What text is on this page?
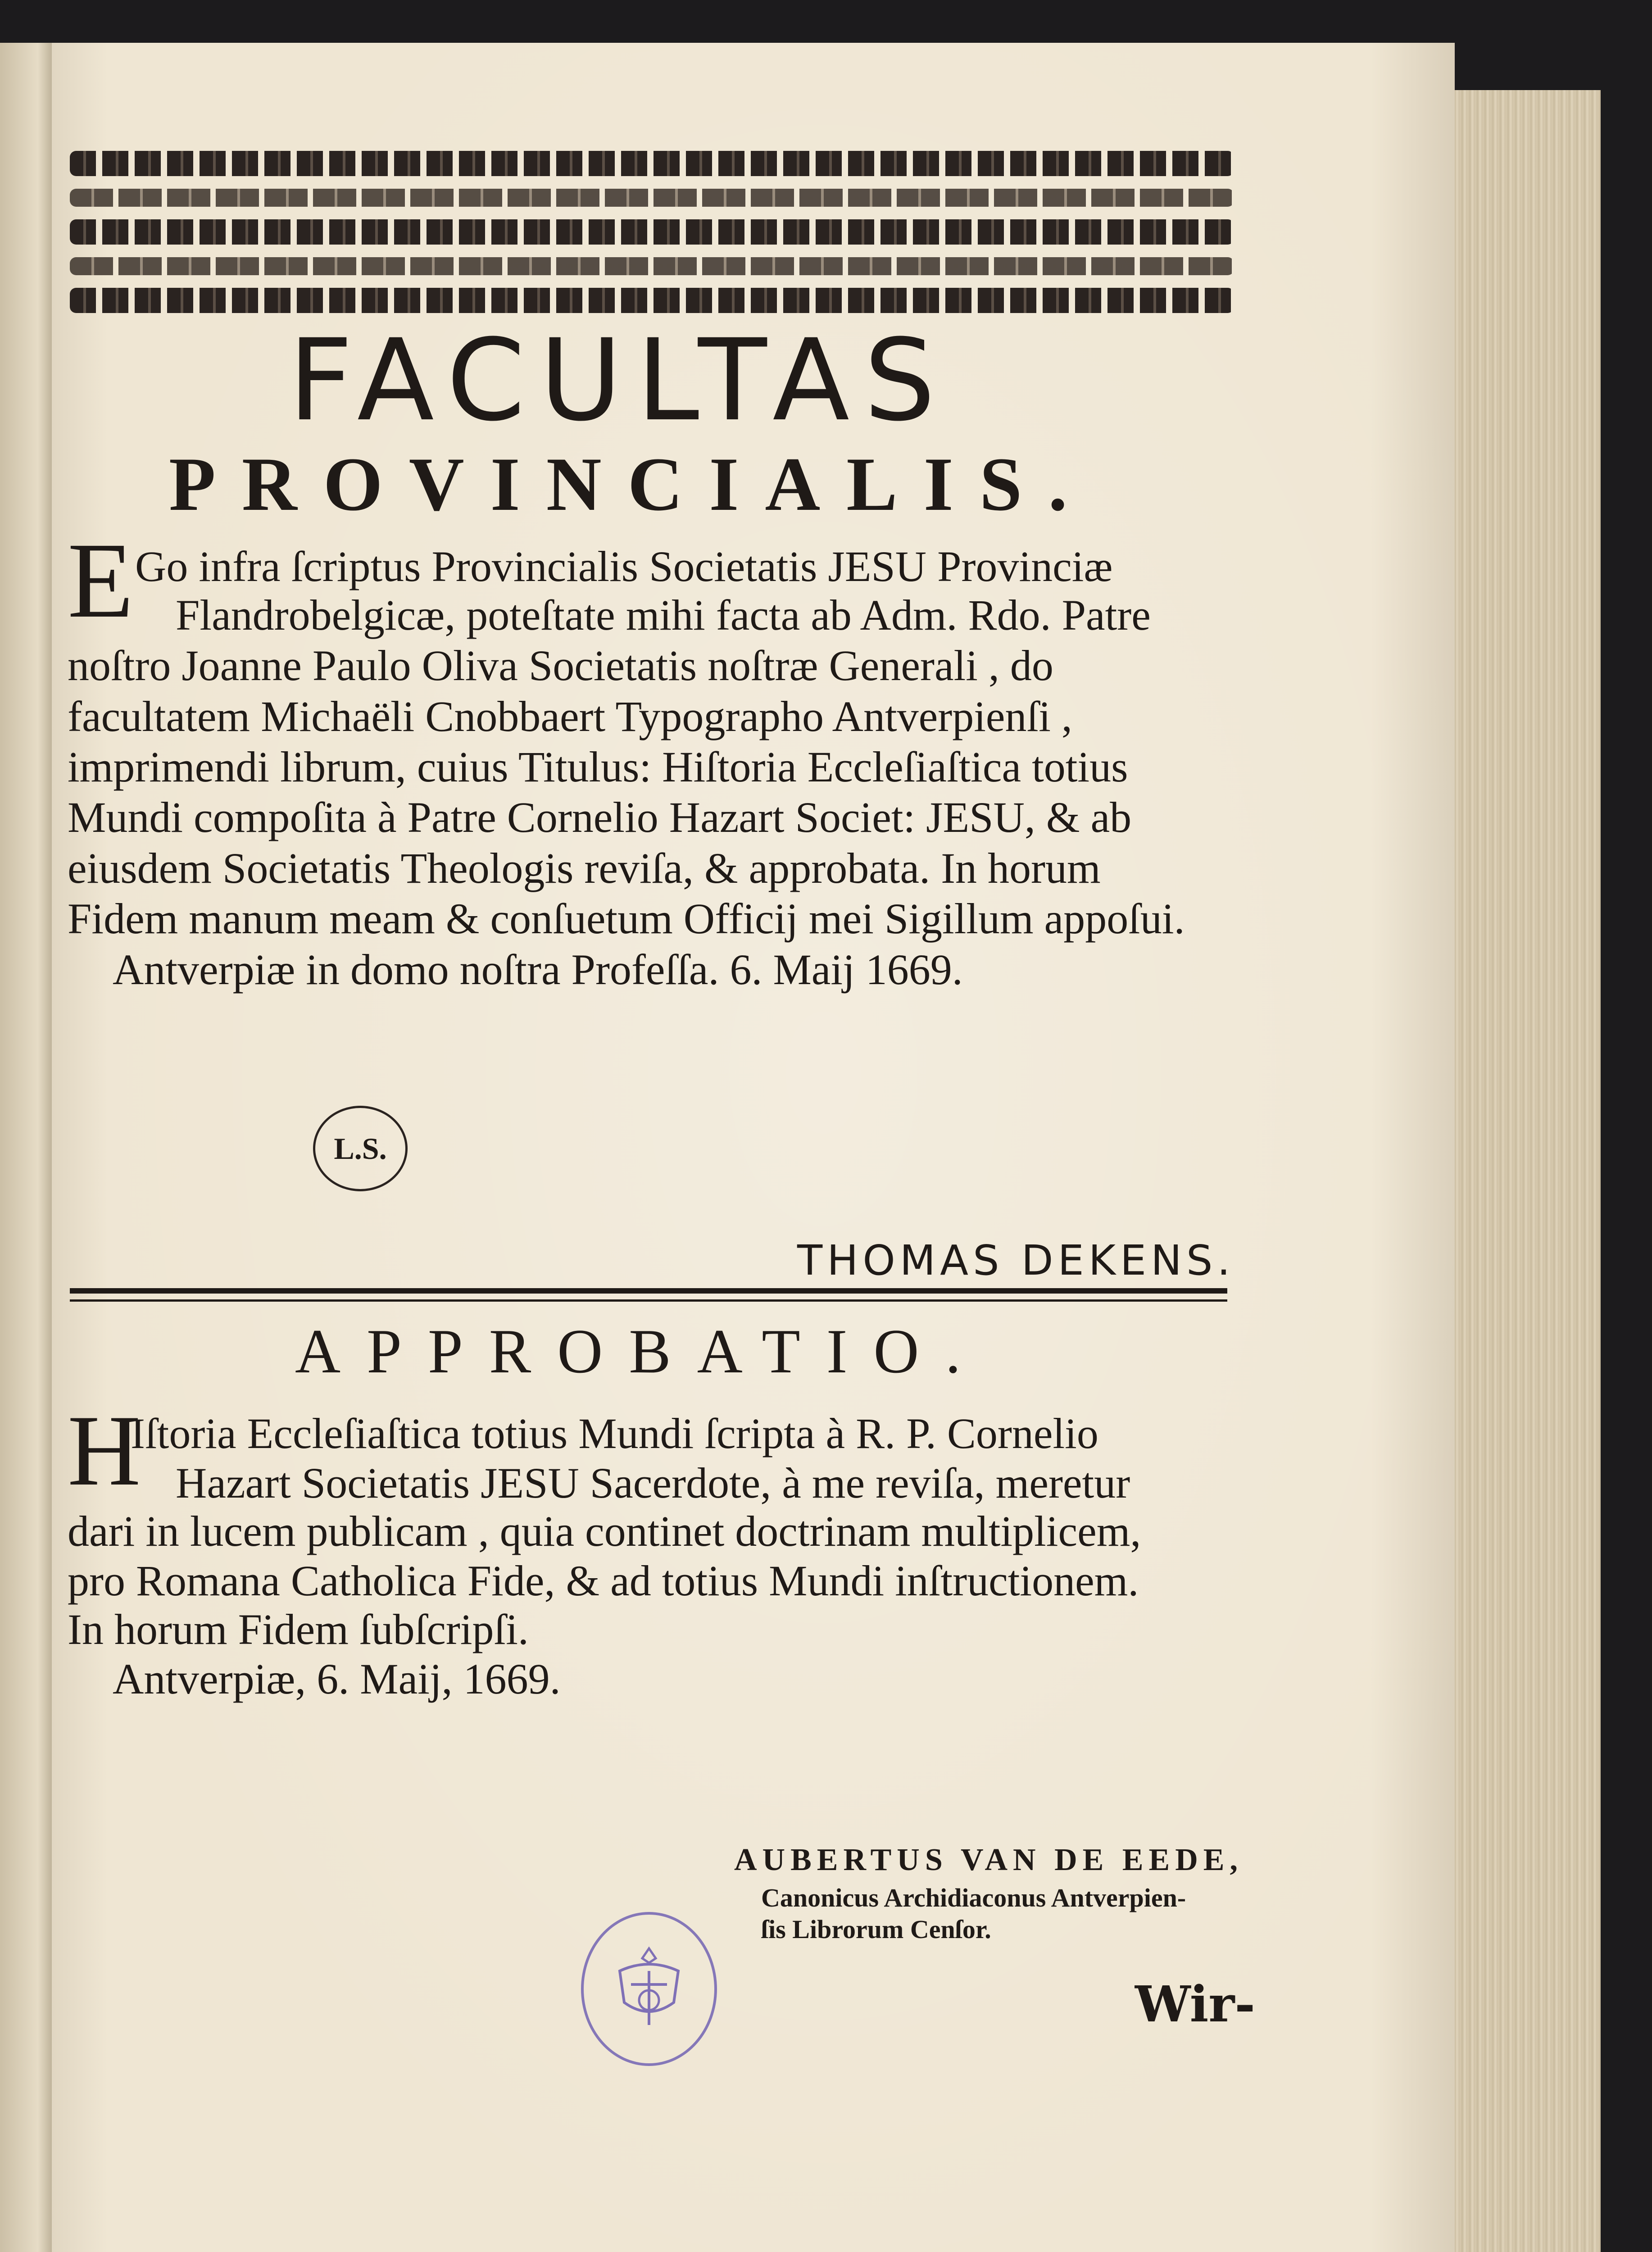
FACULTAS
PROVINCIALIS.
E Go infra ſcriptus Provincialis Societatis JESU Provinciæ
Flandrobelgicæ, poteſtate mihi facta ab Adm. Rdo. Patre
noſtro Joanne Paulo Oliva Societatis noſtræ Generali , do
facultatem Michaëli Cnobbaert Typographo Antverpienſi ,
imprimendi librum, cuius Titulus: Hiſtoria Eccleſiaſtica totius
Mundi compoſita à Patre Cornelio Hazart Societ: JESU, & ab
eiusdem Societatis Theologis reviſa, & approbata. In horum
Fidem manum meam & conſuetum Officij mei Sigillum appoſui.
Antverpiæ in domo noſtra Profeſſa. 6. Maij 1669.
L.S.
THOMAS DEKENS.
APPROBATIO.
H
Iſtoria Eccleſiaſtica totius Mundi ſcripta à R. P. Cornelio
Hazart Societatis JESU Sacerdote, à me reviſa, meretur
dari in lucem publicam , quia continet doctrinam multiplicem,
pro Romana Catholica Fide, & ad totius Mundi inſtructionem.
In horum Fidem ſubſcripſi.
Antverpiæ, 6. Maij, 1669.
AUBERTUS VAN DE EEDE,
Canonicus Archidiaconus Antverpien-
ſis Librorum Cenſor.
Wir-
